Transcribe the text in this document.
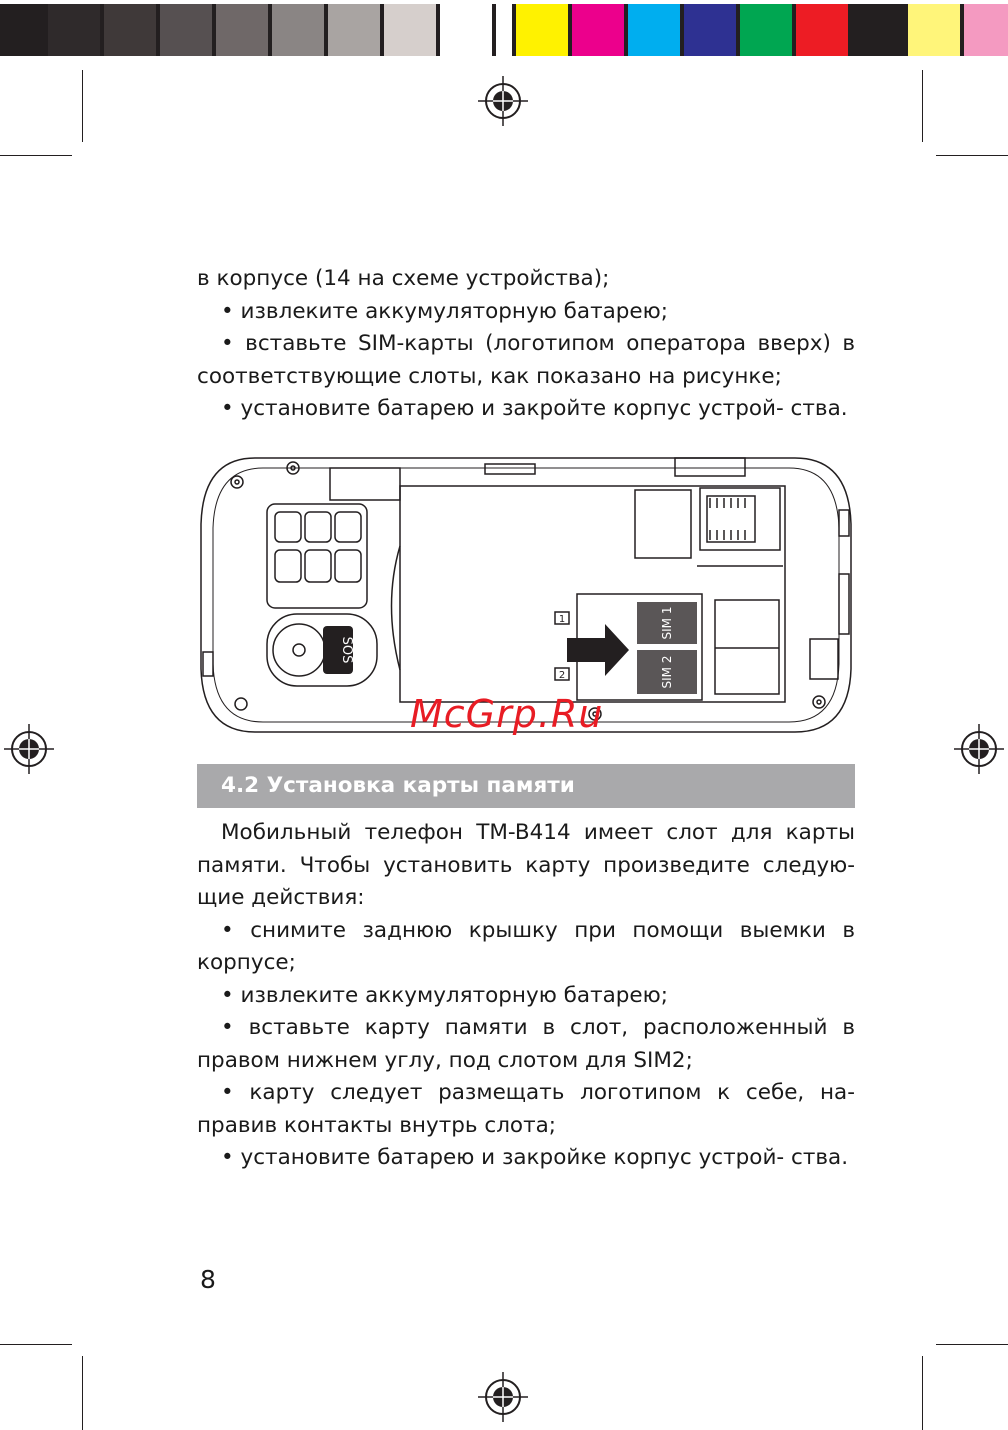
в корпусе (14 на схеме устройства);

• извлеките аккумуляторную батарею;

• вставьте SIM-карты (логотипом оператора вверх) в соответствующие слоты, как показано на рисунке;

• установите батарею и закройте корпус устрой- ства.

SOS
SIM 1
SIM 2
1
2
McGrp.Ru
4.2 Установка карты памяти

Мобильный телефон TM-B414 имеет слот для карты памяти. Чтобы установить карту произведите следую- щие действия:

• снимите заднюю крышку при помощи выемки в корпусе;

• извлеките аккумуляторную батарею;

• вставьте карту памяти в слот, расположенный в правом нижнем углу, под слотом для SIM2;

• карту следует размещать логотипом к себе, на- правив контакты внутрь слота;

• установите батарею и закройке корпус устрой- ства.

8
